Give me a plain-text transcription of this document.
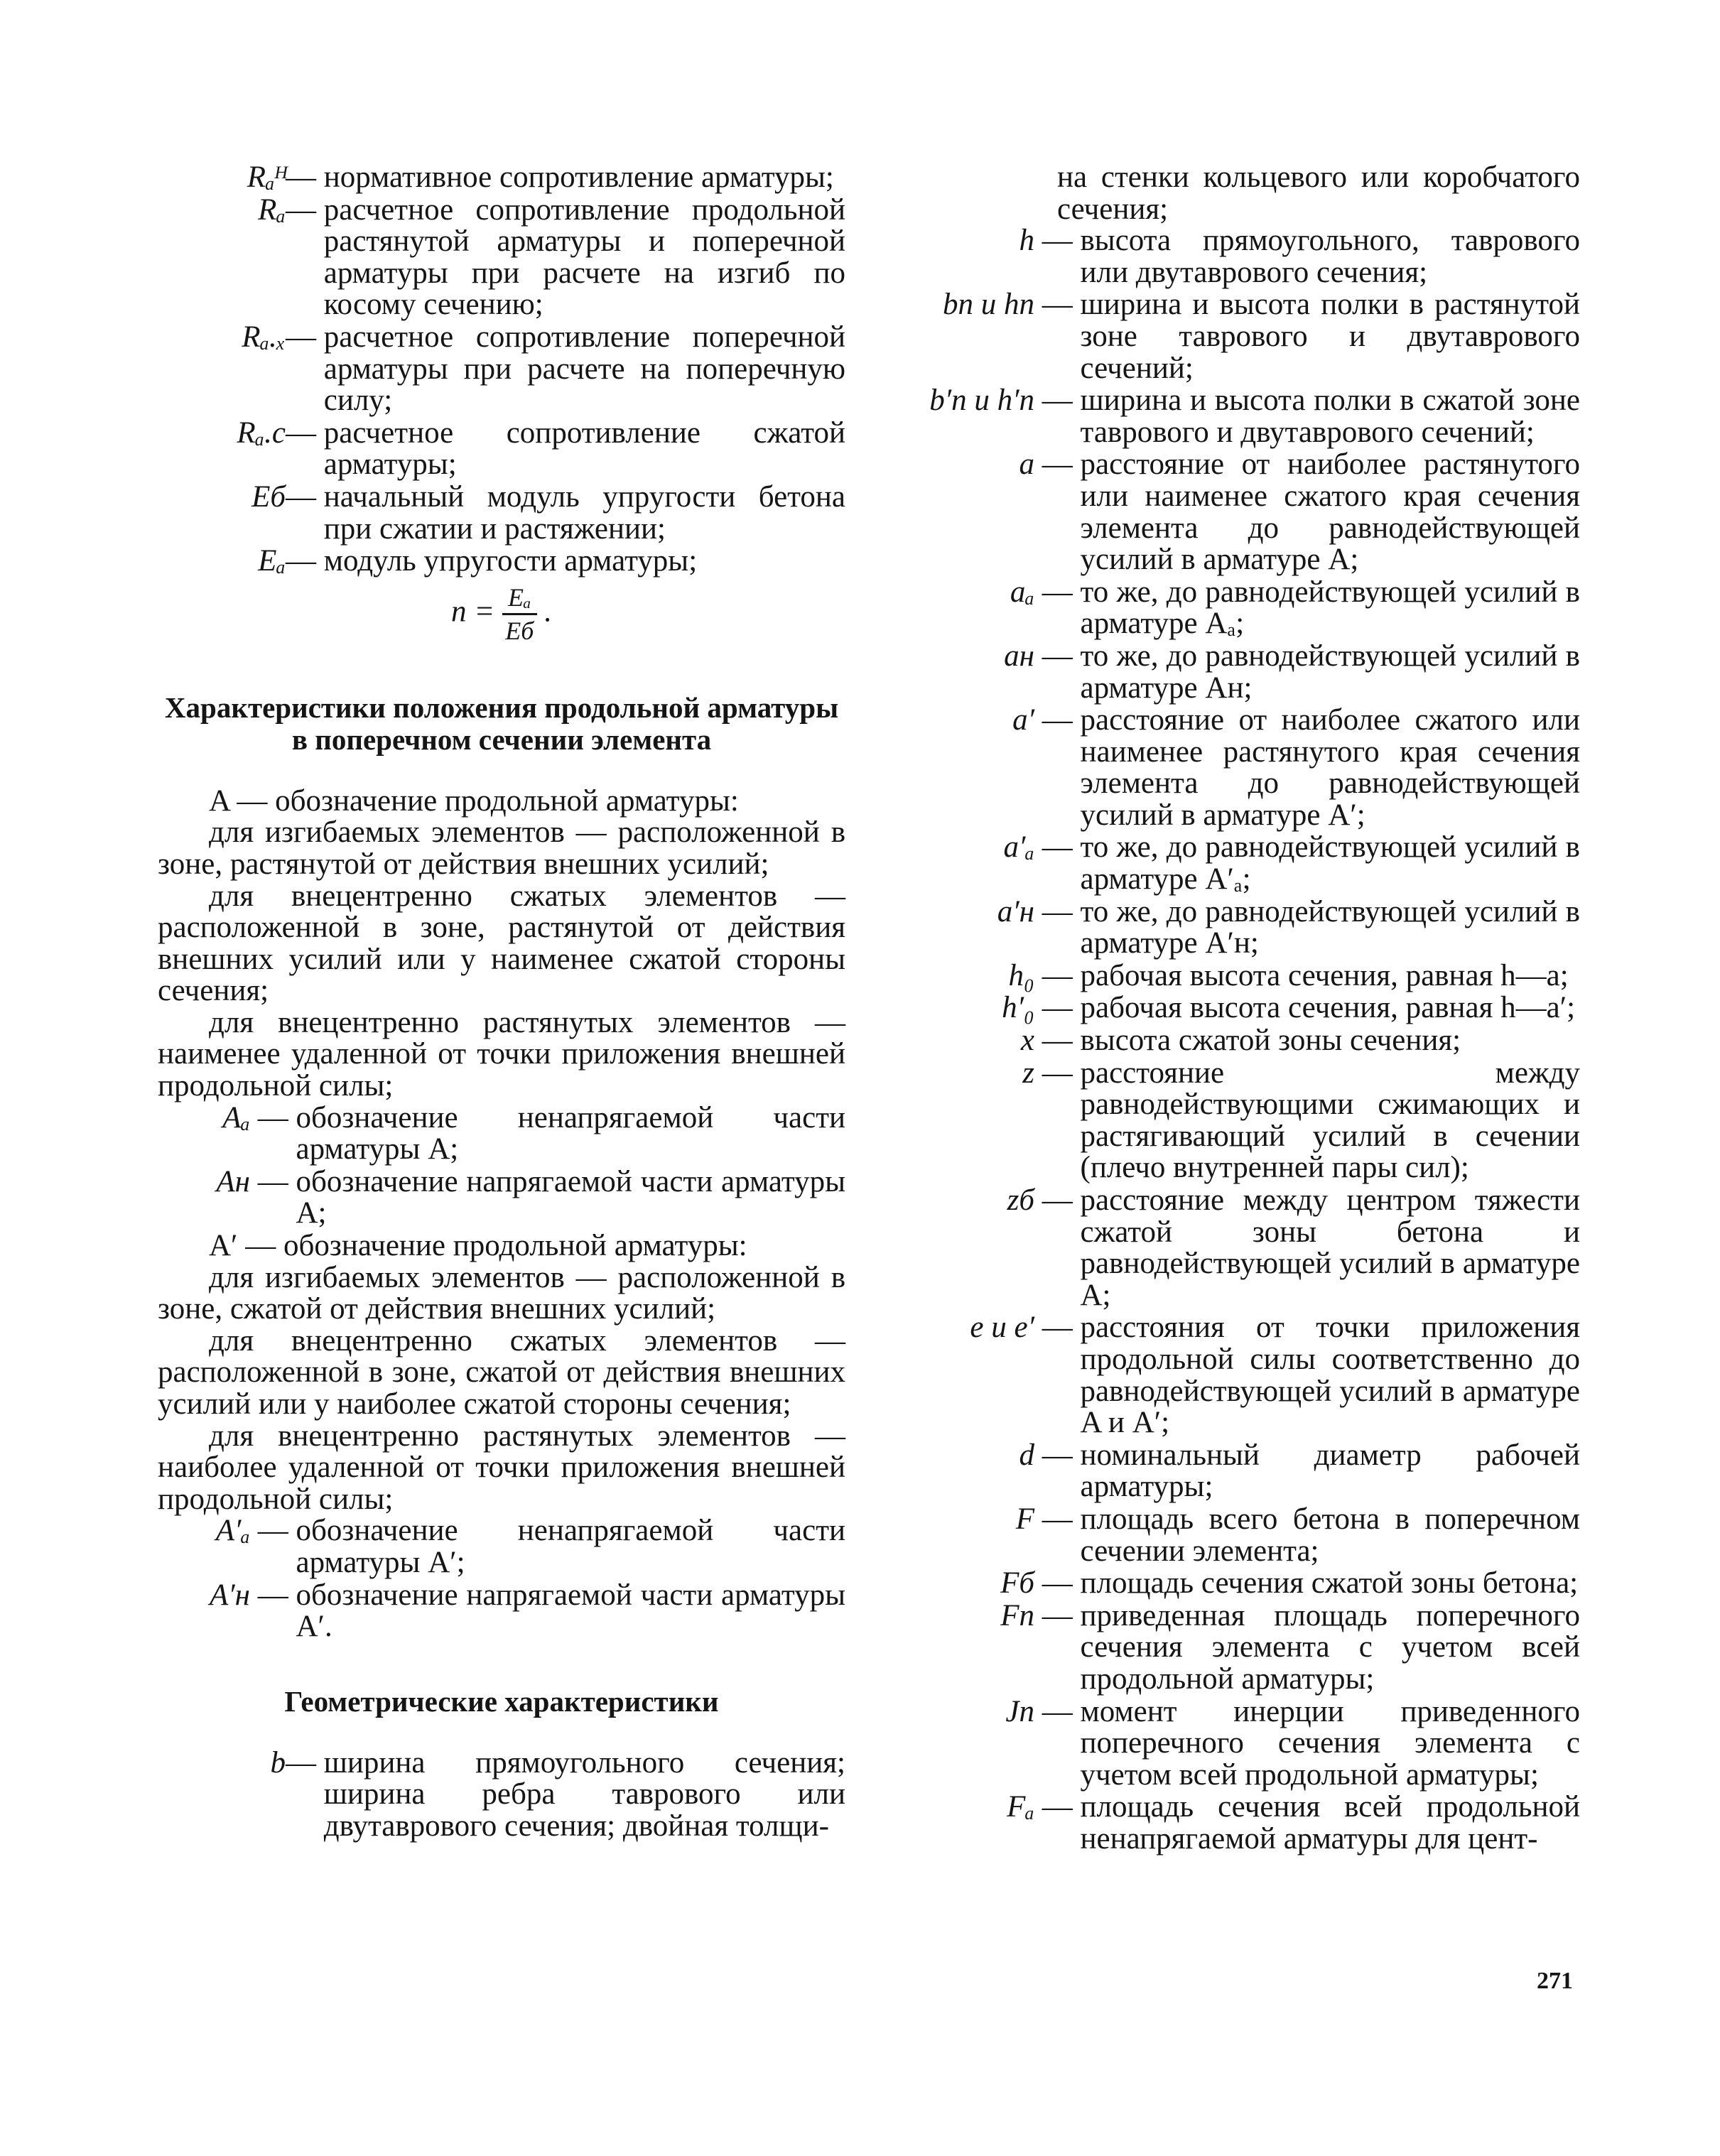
Rₐᴴ — нормативное сопротивление арматуры;
Rₐ — расчетное сопротивление продольной растянутой арматуры и поперечной арматуры при расчете на изгиб по косому сечению;
Rₐ.ₓ — расчетное сопротивление поперечной арматуры при расчете на поперечную силу;
Rₐ.c — расчетное сопротивление сжатой арматуры;
Eб — начальный модуль упругости бетона при сжатии и растяжении;
Eₐ — модуль упругости арматуры;
$n = \frac{\text{Eₐ}}{Eб}$ .
Характеристики положения продольной арматуры в поперечном сечении элемента
A — обозначение продольной арматуры:
для изгибаемых элементов — расположенной в зоне, растянутой от действия внешних усилий;
для внецентренно сжатых элементов — расположенной в зоне, растянутой от действия внешних усилий или у наименее сжатой стороны сечения;
для внецентренно растянутых элементов — наименее удаленной от точки приложения внешней продольной силы;
Aₐ — обозначение ненапрягаемой части арматуры A;
Aн — обозначение напрягаемой части арматуры A;
A′ — обозначение продольной арматуры:
для изгибаемых элементов — расположенной в зоне, сжатой от действия внешних усилий;
для внецентренно сжатых элементов — расположенной в зоне, сжатой от действия внешних усилий или у наиболее сжатой стороны сечения;
для внецентренно растянутых элементов — наиболее удаленной от точки приложения внешней продольной силы;
A′ₐ — обозначение ненапрягаемой части арматуры A′;
A′н — обозначение напрягаемой части арматуры A′.
Геометрические характеристики
b — ширина прямоугольного сечения; ширина ребра таврового или двутаврового сечения; двойная толщи-
на стенки кольцевого или коробчатого сечения;
h — высота прямоугольного, таврового или двутаврового сечения;
bп и hп — ширина и высота полки в растянутой зоне таврового и двутаврового сечений;
b′п и h′п — ширина и высота полки в сжатой зоне таврового и двутаврового сечений;
a — расстояние от наиболее растянутого или наименее сжатого края сечения элемента до равнодействующей усилий в арматуре A;
aₐ — то же, до равнодействующей усилий в арматуре Aₐ;
aн — то же, до равнодействующей усилий в арматуре Aн;
a′ — расстояние от наиболее сжатого или наименее растянутого края сечения элемента до равнодействующей усилий в арматуре A′;
a′ₐ — то же, до равнодействующей усилий в арматуре A′ₐ;
a′н — то же, до равнодействующей усилий в арматуре A′н;
h₀ — рабочая высота сечения, равная h—a;
h′₀ — рабочая высота сечения, равная h—a′;
x — высота сжатой зоны сечения;
z — расстояние между равнодействующими сжимающих и растягивающий усилий в сечении (плечо внутренней пары сил);
zб — расстояние между центром тяжести сжатой зоны бетона и равнодействующей усилий в арматуре A;
e и e′ — расстояния от точки приложения продольной силы соответственно до равнодействующей усилий в арматуре A и A′;
d — номинальный диаметр рабочей арматуры;
F — площадь всего бетона в поперечном сечении элемента;
Fб — площадь сечения сжатой зоны бетона;
Fп — приведенная площадь поперечного сечения элемента с учетом всей продольной арматуры;
Jп — момент инерции приведенного поперечного сечения элемента с учетом всей продольной арматуры;
Fₐ — площадь сечения всей продольной ненапрягаемой арматуры для цент-
271
